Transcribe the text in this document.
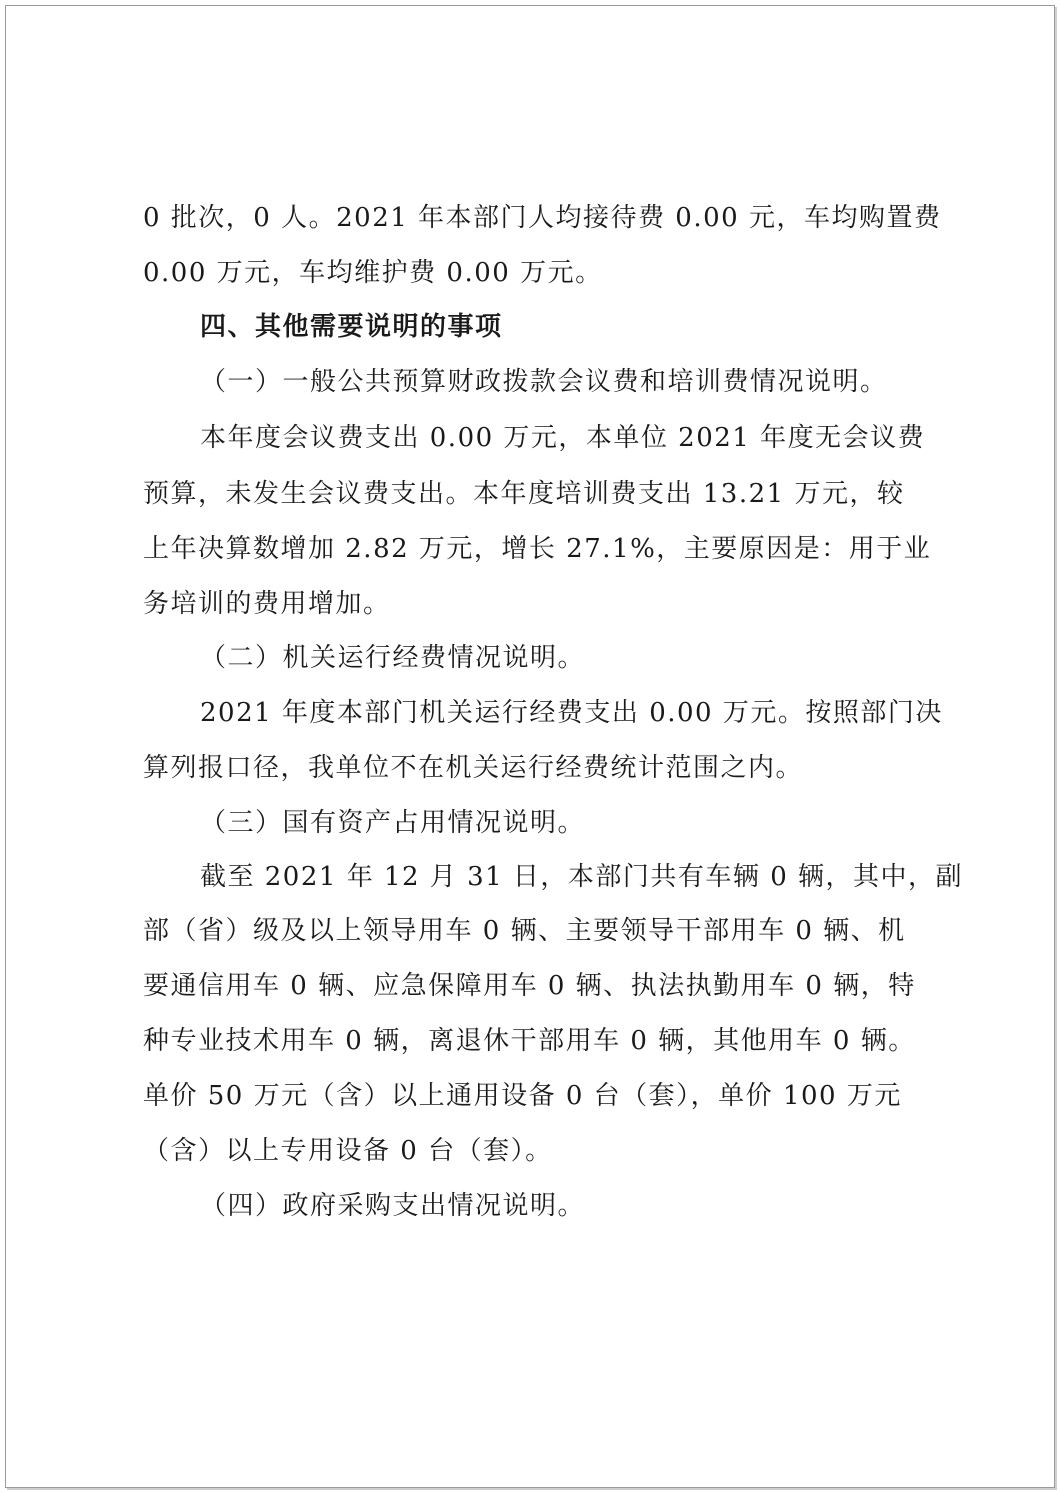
0 批次，0 人。2021 年本部门人均接待费 0.00 元，车均购置费
0.00 万元，车均维护费 0.00 万元。
四、其他需要说明的事项
（一）一般公共预算财政拨款会议费和培训费情况说明。
本年度会议费支出 0.00 万元，本单位 2021 年度无会议费
预算，未发生会议费支出。本年度培训费支出 13.21 万元，较
上年决算数增加 2.82 万元，增长 27.1%，主要原因是：用于业
务培训的费用增加。
（二）机关运行经费情况说明。
2021 年度本部门机关运行经费支出 0.00 万元。按照部门决
算列报口径，我单位不在机关运行经费统计范围之内。
（三）国有资产占用情况说明。
截至 2021 年 12 月 31 日，本部门共有车辆 0 辆，其中，副
部（省）级及以上领导用车 0 辆、主要领导干部用车 0 辆、机
要通信用车 0 辆、应急保障用车 0 辆、执法执勤用车 0 辆，特
种专业技术用车 0 辆，离退休干部用车 0 辆，其他用车 0 辆。
单价 50 万元（含）以上通用设备 0 台（套），单价 100 万元
（含）以上专用设备 0 台（套）。
（四）政府采购支出情况说明。
